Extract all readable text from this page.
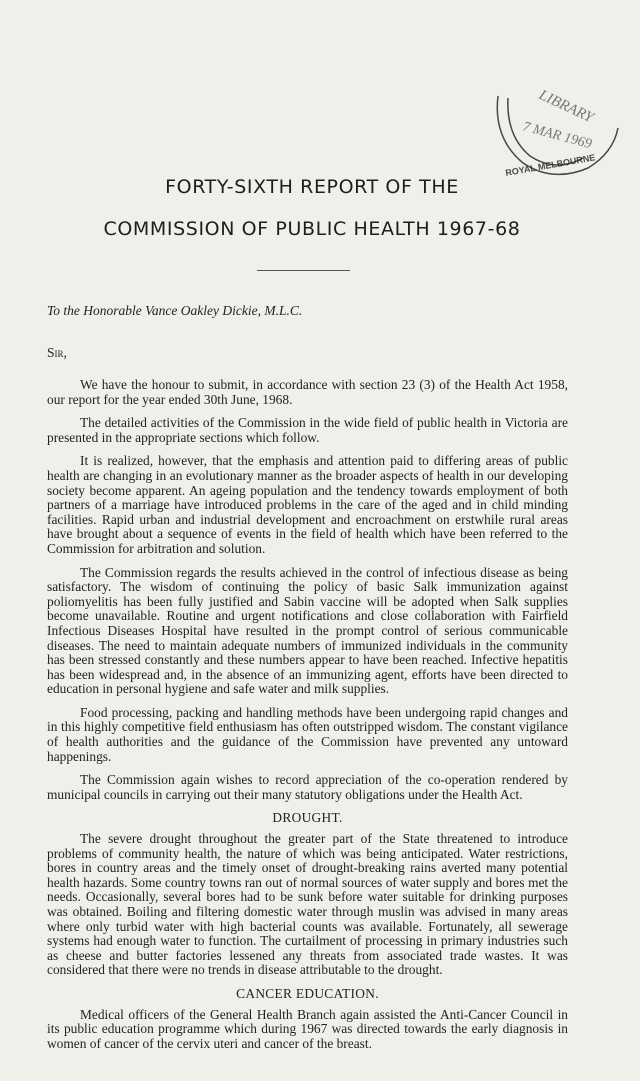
LIBRARY
7 MAR 1969
ROYAL MELBOURNE
FORTY-SIXTH REPORT OF THE
COMMISSION OF PUBLIC HEALTH 1967-68
To the Honorable Vance Oakley Dickie, M.L.C.
Sir,

We have the honour to submit, in accordance with section 23 (3) of the Health Act 1958, our report for the year ended 30th June, 1968.

The detailed activities of the Commission in the wide field of public health in Victoria are presented in the appropriate sections which follow.

It is realized, however, that the emphasis and attention paid to differing areas of public health are changing in an evolutionary manner as the broader aspects of health in our developing society become apparent. An ageing population and the tendency towards employment of both partners of a marriage have introduced problems in the care of the aged and in child minding facilities. Rapid urban and industrial development and encroachment on erstwhile rural areas have brought about a sequence of events in the field of health which have been referred to the Commission for arbitration and solution.

The Commission regards the results achieved in the control of infectious disease as being satisfactory. The wisdom of continuing the policy of basic Salk immunization against poliomyelitis has been fully justified and Sabin vaccine will be adopted when Salk supplies become unavailable. Routine and urgent notifications and close collaboration with Fairfield Infectious Diseases Hospital have resulted in the prompt control of serious communicable diseases. The need to maintain adequate numbers of immunized individuals in the community has been stressed constantly and these numbers appear to have been reached. Infective hepatitis has been widespread and, in the absence of an immunizing agent, efforts have been directed to education in personal hygiene and safe water and milk supplies.

Food processing, packing and handling methods have been undergoing rapid changes and in this highly competitive field enthusiasm has often outstripped wisdom. The constant vigilance of health authorities and the guidance of the Commission have prevented any untoward happenings.

The Commission again wishes to record appreciation of the co-operation rendered by municipal councils in carrying out their many statutory obligations under the Health Act.

DROUGHT.

The severe drought throughout the greater part of the State threatened to introduce problems of community health, the nature of which was being anticipated. Water restrictions, bores in country areas and the timely onset of drought-breaking rains averted many potential health hazards. Some country towns ran out of normal sources of water supply and bores met the needs. Occasionally, several bores had to be sunk before water suitable for drinking purposes was obtained. Boiling and filtering domestic water through muslin was advised in many areas where only turbid water with high bacterial counts was available. Fortunately, all sewerage systems had enough water to function. The curtailment of processing in primary industries such as cheese and butter factories lessened any threats from associated trade wastes. It was considered that there were no trends in disease attributable to the drought.

CANCER EDUCATION.

Medical officers of the General Health Branch again assisted the Anti-Cancer Council in its public education programme which during 1967 was directed towards the early diagnosis in women of cancer of the cervix uteri and cancer of the breast.
